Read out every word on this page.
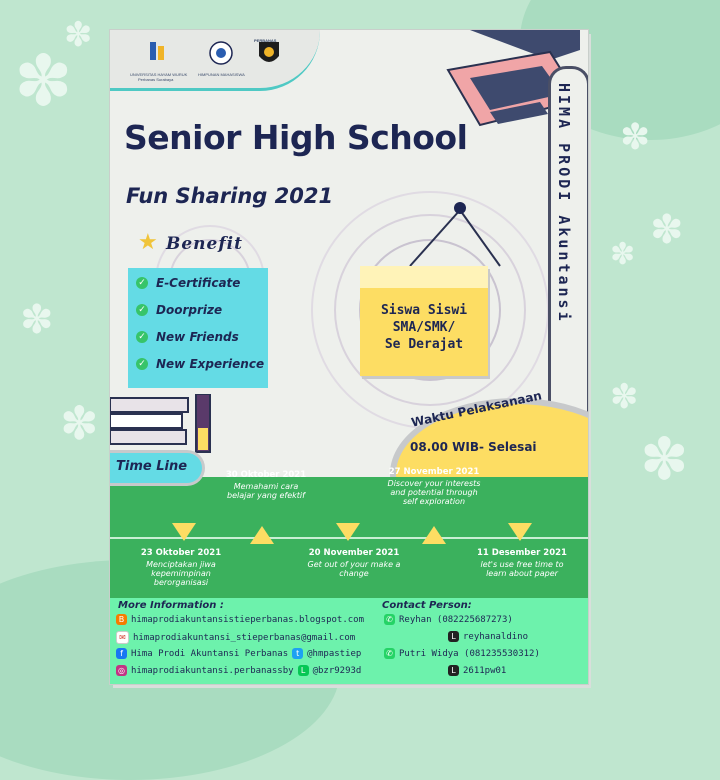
✽
✽
✽
✽
✽
✽
✽
✽
✽
UNIVERSITAS HAYAM WURUK
Perbanas Surabaya
HIMPUNAN MAHASISWA
PERBANAS
HIMA PRODI Akuntansi
Senior High School
Fun Sharing 2021
★ Benefit
✓ E-Certificate
✓ Doorprize
✓ New Friends
✓ New Experience
Siswa Siswi
SMA/SMK/
Se Derajat
Waktu Pelaksanaan
08.00 WIB- Selesai
Time Line
30 Oktober 2021
Memahami cara belajar yang efektif
27 November 2021
Discover your interests and potential through self exploration
23 Oktober 2021
Menciptakan jiwa kepemimpinan berorganisasi
20 November 2021
Get out of your make a change
11 Desember 2021
let's use free time to learn about paper
More Information :	Contact Person:
B himaprodiakuntansistieperbanas.blogspot.com
✉ himaprodiakuntansi_stieperbanas@gmail.com
f Hima Prodi Akuntansi Perbanas t @hmpastiep
◎ himaprodiakuntansi.perbanassby L @bzr9293d
✆ Reyhan (082225687273)
L reyhanaldino
✆ Putri Widya (081235530312)
L 2611pw01
